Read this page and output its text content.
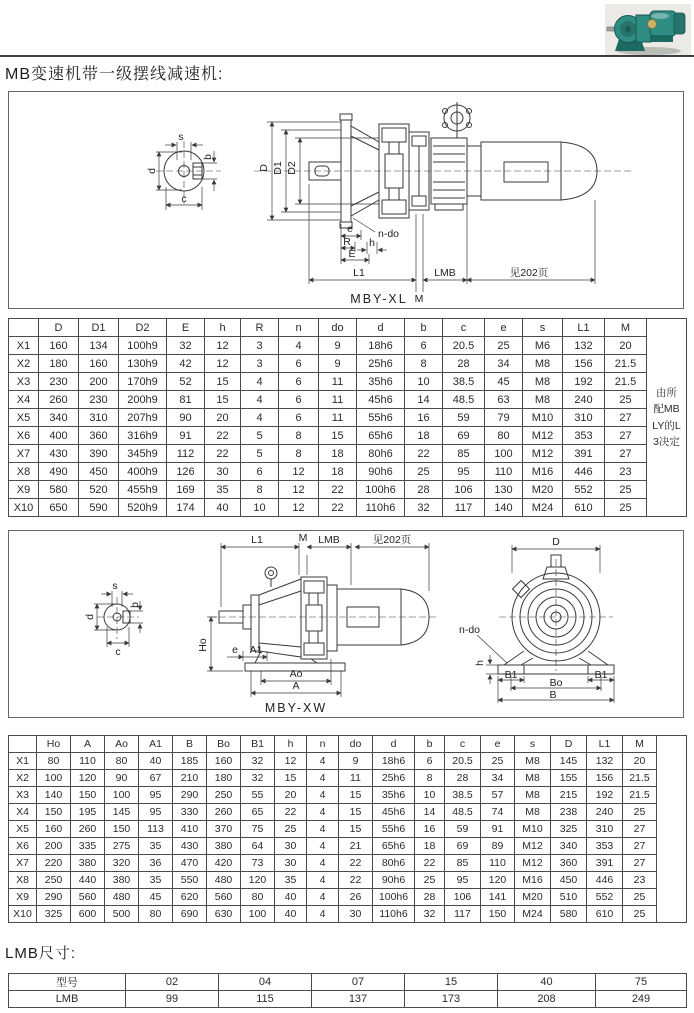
MB变速机带一级摆线减速机:
s
b
d
c
D D1 D2
n-do
e
R h
E
L1	LMB	见202页
M
MBY-XL
	D	D1	D2	E	h	R	n	do	d	b	c	e	s	L1	M	由所配MBLY的L3决定
X1	160	134	100h9	32	12	3	4	9	18h6	6	20.5	25	M6	132	20	
X2	180	160	130h9	42	12	3	6	9	25h6	8	28	34	M8	156	21.5	
X3	230	200	170h9	52	15	4	6	11	35h6	10	38.5	45	M8	192	21.5	
X4	260	230	200h9	81	15	4	6	11	45h6	14	48.5	63	M8	240	25	
X5	340	310	207h9	90	20	4	6	11	55h6	16	59	79	M10	310	27	
X6	400	360	316h9	91	22	5	8	15	65h6	18	69	80	M12	353	27	
X7	430	390	345h9	112	22	5	8	18	80h6	22	85	100	M12	391	27	
X8	490	450	400h9	126	30	6	12	18	90h6	25	95	110	M16	446	23	
X9	580	520	455h9	169	35	8	12	22	100h6	28	106	130	M20	552	25	
X10	650	590	520h9	174	40	10	12	22	110h6	32	117	140	M24	610	25	
s
b
d
c
L1	M LMB	见202页
Ho e A1
Ao
A
MBY-XW
D
n-do
h
B1	B1
Bo
B
	Ho	A	Ao	A1	B	Bo	B1	h	n	do	d	b	c	e	s	D	L1	M	
X1	80	110	80	40	185	160	32	12	4	9	18h6	6	20.5	25	M8	145	132	20	
X2	100	120	90	67	210	180	32	15	4	11	25h6	8	28	34	M8	155	156	21.5	
X3	140	150	100	95	290	250	55	20	4	15	35h6	10	38.5	57	M8	215	192	21.5	
X4	150	195	145	95	330	260	65	22	4	15	45h6	14	48.5	74	M8	238	240	25	
X5	160	260	150	113	410	370	75	25	4	15	55h6	16	59	91	M10	325	310	27	
X6	200	335	275	35	430	380	64	30	4	21	65h6	18	69	89	M12	340	353	27	
X7	220	380	320	36	470	420	73	30	4	22	80h6	22	85	110	M12	360	391	27	
X8	250	440	380	35	550	480	120	35	4	22	90h6	25	95	120	M16	450	446	23	
X9	290	560	480	45	620	560	80	40	4	26	100h6	28	106	141	M20	510	552	25	
X10	325	600	500	80	690	630	100	40	4	30	110h6	32	117	150	M24	580	610	25	
LMB尺寸:
型号	02	04	07	15	40	75
LMB	99	115	137	173	208	249
